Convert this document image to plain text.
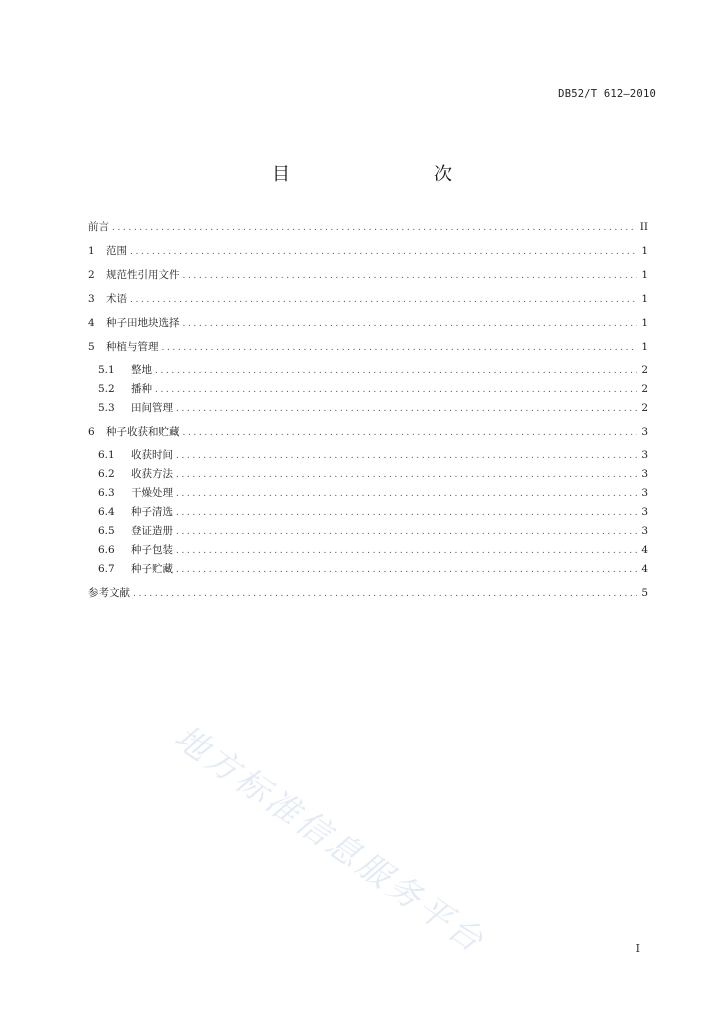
DB52/T 612—2010
目　　次
前言 .....	II
1	范围 .....	1
2	规范性引用文件 .....	1
3	术语 .....	1
4	种子田地块选择 .....	1
5	种植与管理 .....	1
5.1	整地 .....	2
5.2	播种 .....	2
5.3	田间管理 .....	2
6	种子收获和贮藏 .....	3
6.1	收获时间 .....	3
6.2	收获方法 .....	3
6.3	干燥处理 .....	3
6.4	种子清选 .....	3
6.5	登证造册 .....	3
6.6	种子包装 .....	4
6.7	种子贮藏 .....	4
参考文献 .....	5
地方标准信息服务平台	I
